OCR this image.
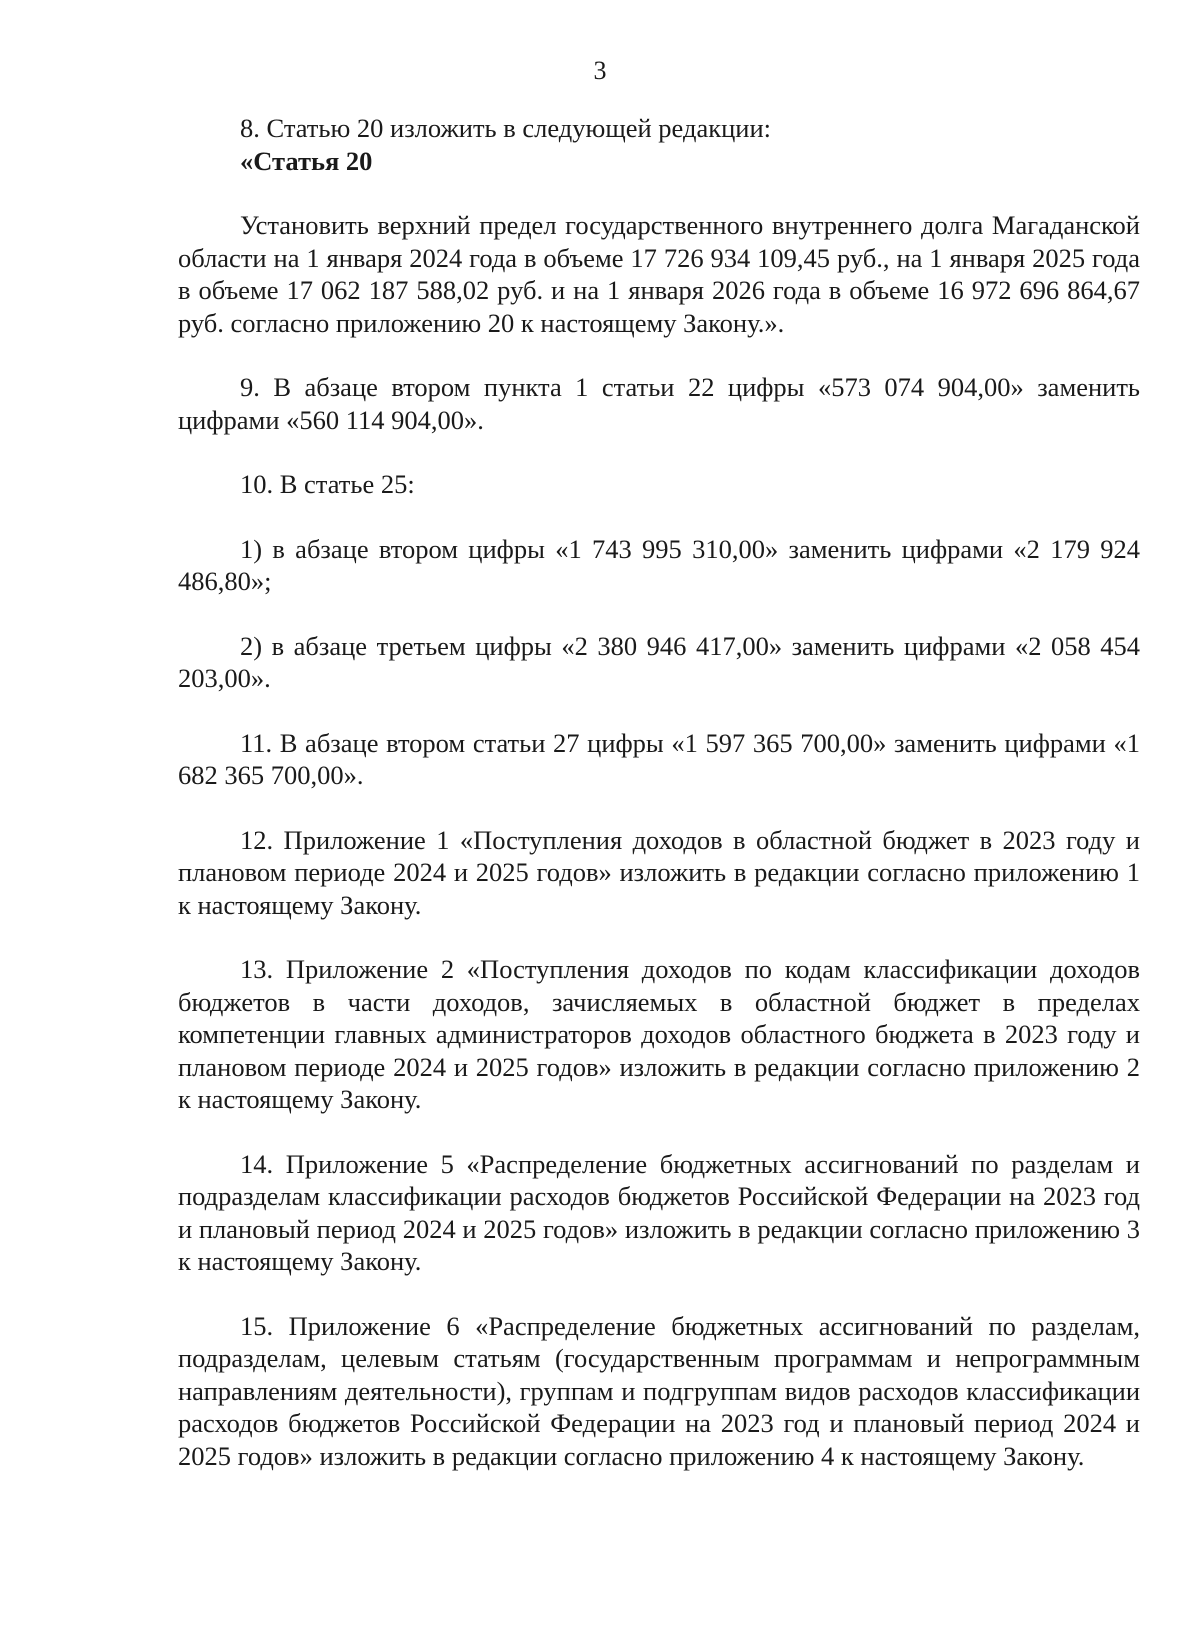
3

8. Статью 20 изложить в следующей редакции:

«Статья 20

Установить верхний предел государственного внутреннего долга Магаданской области на 1 января 2024 года в объеме 17 726 934 109,45 руб., на 1 января 2025 года в объеме 17 062 187 588,02 руб. и на 1 января 2026 года в объеме 16 972 696 864,67 руб. согласно приложению 20 к настоящему Закону.».

9. В абзаце втором пункта 1 статьи 22 цифры «573 074 904,00» заменить цифрами «560 114 904,00».

10. В статье 25:

1) в абзаце втором цифры «1 743 995 310,00» заменить цифрами «2 179 924 486,80»;

2) в абзаце третьем цифры «2 380 946 417,00» заменить цифрами «2 058 454 203,00».

11. В абзаце втором статьи 27 цифры «1 597 365 700,00» заменить цифрами «1 682 365 700,00».

12. Приложение 1 «Поступления доходов в областной бюджет в 2023 году и плановом периоде 2024 и 2025 годов» изложить в редакции согласно приложению 1 к настоящему Закону.

13. Приложение 2 «Поступления доходов по кодам классификации доходов бюджетов в части доходов, зачисляемых в областной бюджет в пределах компетенции главных администраторов доходов областного бюджета в 2023 году и плановом периоде 2024 и 2025 годов» изложить в редакции согласно приложению 2 к настоящему Закону.

14. Приложение 5 «Распределение бюджетных ассигнований по разделам и подразделам классификации расходов бюджетов Российской Федерации на 2023 год и плановый период 2024 и 2025 годов» изложить в редакции согласно приложению 3 к настоящему Закону.

15. Приложение 6 «Распределение бюджетных ассигнований по разделам, подразделам, целевым статьям (государственным программам и непрограммным направлениям деятельности), группам и подгруппам видов расходов классификации расходов бюджетов Российской Федерации на 2023 год и плановый период 2024 и 2025 годов» изложить в редакции согласно приложению 4 к настоящему Закону.
